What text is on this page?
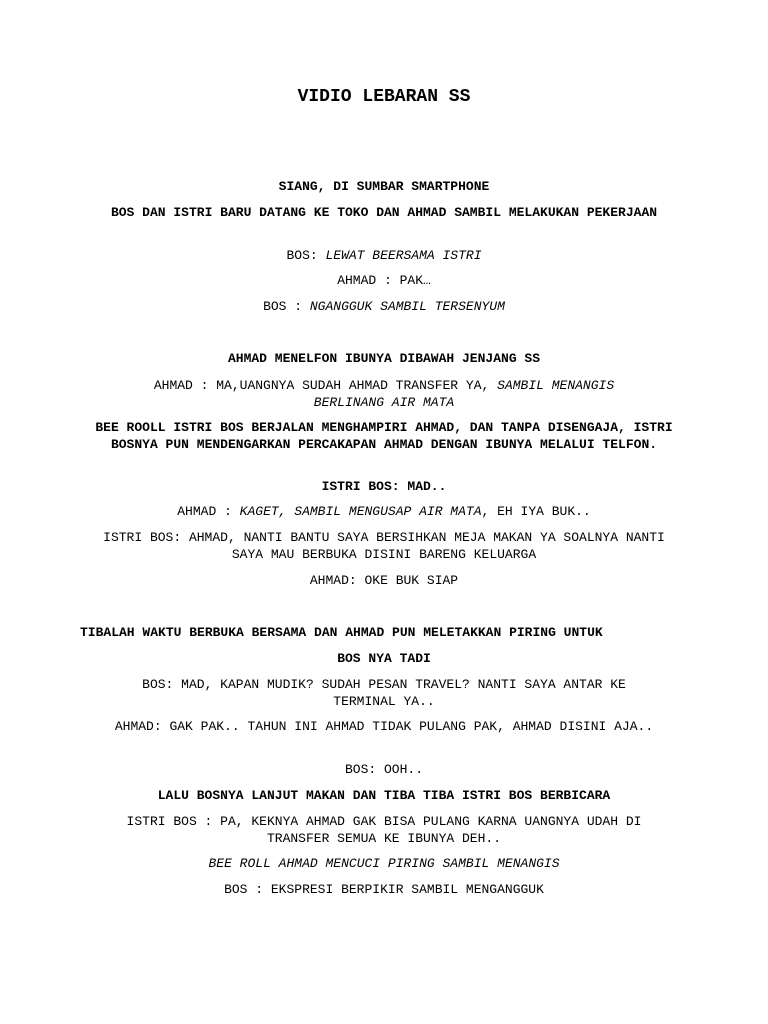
VIDIO LEBARAN SS

SIANG, DI SUMBAR SMARTPHONE

BOS DAN ISTRI BARU DATANG KE TOKO DAN AHMAD SAMBIL MELAKUKAN PEKERJAAN

BOS: LEWAT BEERSAMA ISTRI

AHMAD : PAK…

BOS : NGANGGUK SAMBIL TERSENYUM

AHMAD MENELFON IBUNYA DIBAWAH JENJANG SS

AHMAD : MA,UANGNYA SUDAH AHMAD TRANSFER YA, SAMBIL MENANGIS BERLINANG AIR MATA

BEE ROOLL ISTRI BOS BERJALAN MENGHAMPIRI AHMAD, DAN TANPA DISENGAJA, ISTRI BOSNYA PUN MENDENGARKAN PERCAKAPAN AHMAD DENGAN IBUNYA MELALUI TELFON.

ISTRI BOS: MAD..

AHMAD : KAGET, SAMBIL MENGUSAP AIR MATA, EH IYA BUK..

ISTRI BOS: AHMAD, NANTI BANTU SAYA BERSIHKAN MEJA MAKAN YA SOALNYA NANTI SAYA MAU BERBUKA DISINI BARENG KELUARGA

AHMAD: OKE BUK SIAP

TIBALAH WAKTU BERBUKA BERSAMA DAN AHMAD PUN MELETAKKAN PIRING UNTUK

BOS NYA TADI

BOS: MAD, KAPAN MUDIK? SUDAH PESAN TRAVEL? NANTI SAYA ANTAR KE TERMINAL YA..

AHMAD: GAK PAK.. TAHUN INI AHMAD TIDAK PULANG PAK, AHMAD DISINI AJA..

BOS: OOH..

LALU BOSNYA LANJUT MAKAN DAN TIBA TIBA ISTRI BOS BERBICARA

ISTRI BOS : PA, KEKNYA AHMAD GAK BISA PULANG KARNA UANGNYA UDAH DI TRANSFER SEMUA KE IBUNYA DEH..

BEE ROLL AHMAD MENCUCI PIRING SAMBIL MENANGIS

BOS : EKSPRESI BERPIKIR SAMBIL MENGANGGUK
